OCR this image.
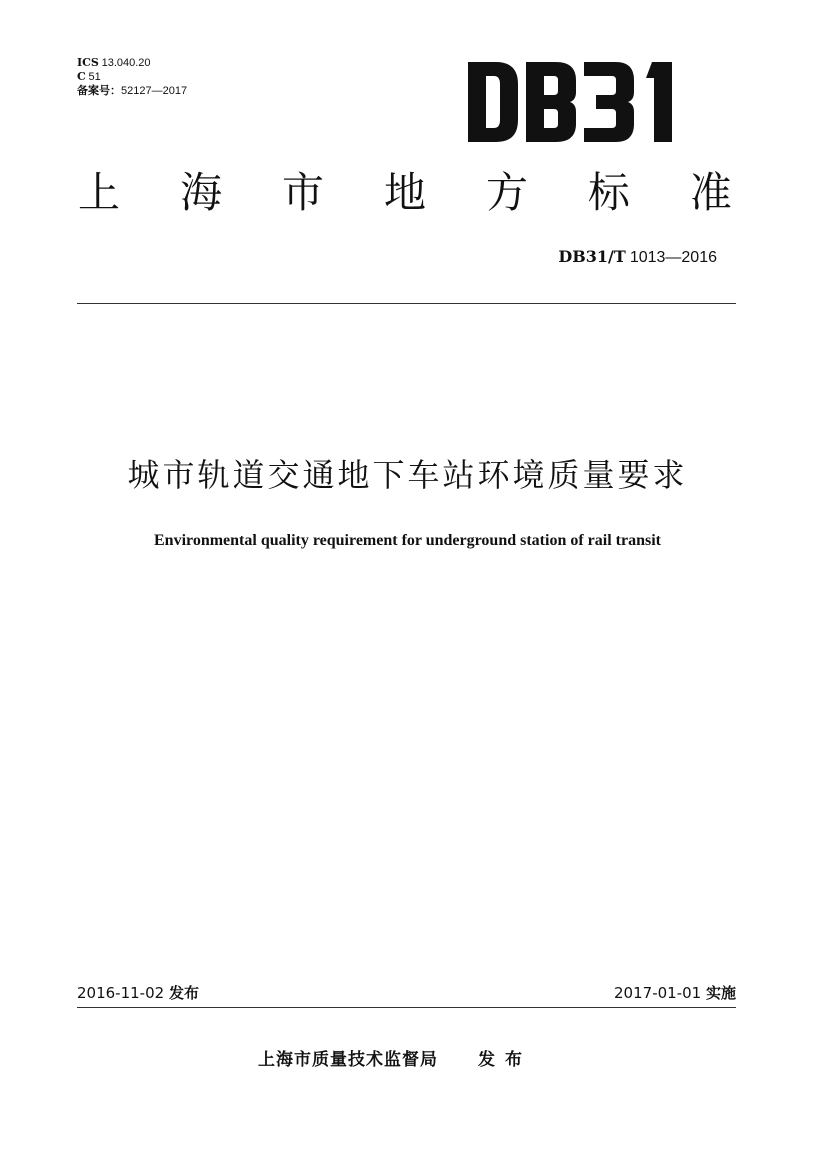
ICS 13.040.20
C 51
备案号：52127—2017
上 海 市 地 方 标 准
DB31/T 1013—2016
城市轨道交通地下车站环境质量要求
Environmental quality requirement for underground station of rail transit
2016-11-02 发布	2017-01-01 实施
上海市质量技术监督局 发布
